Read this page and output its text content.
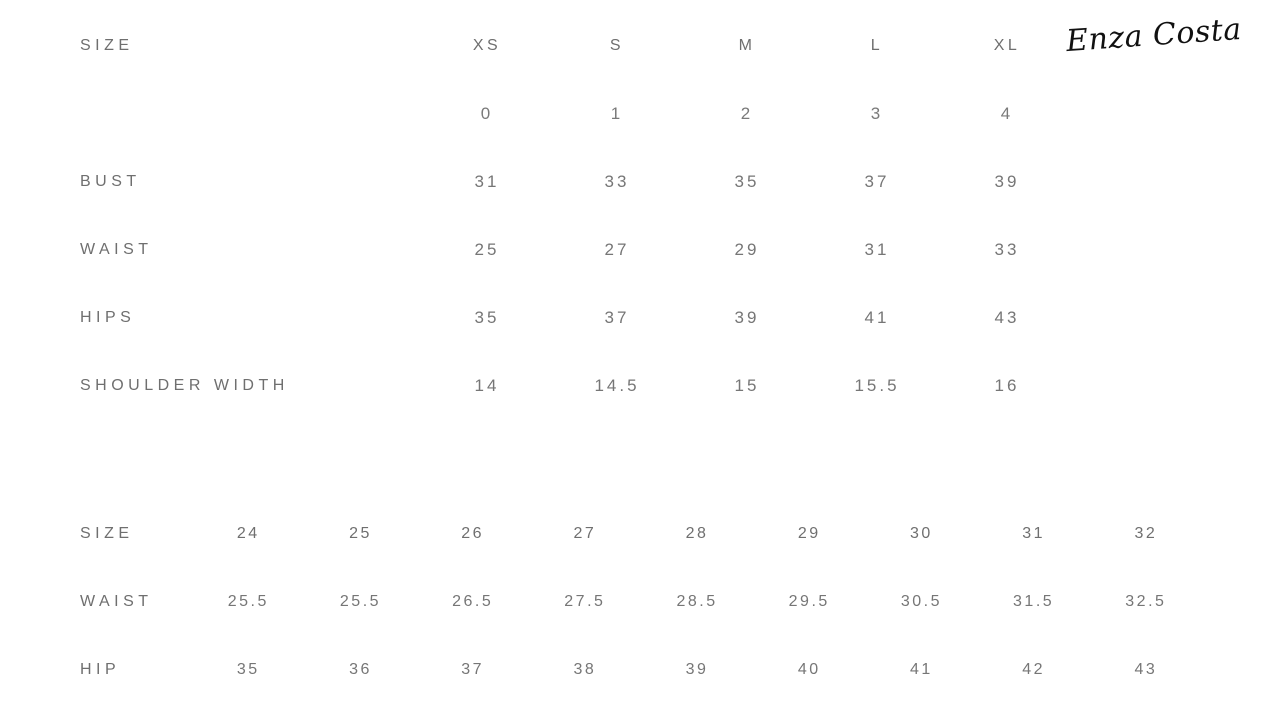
Enza Costa
SIZE	XS	S	M	L	XL
	0	1	2	3	4
BUST	31	33	35	37	39
WAIST	25	27	29	31	33
HIPS	35	37	39	41	43
SHOULDER WIDTH	14	14.5	15	15.5	16
SIZE	24	25	26	27	28	29	30	31	32
WAIST	25.5	25.5	26.5	27.5	28.5	29.5	30.5	31.5	32.5
HIP	35	36	37	38	39	40	41	42	43
